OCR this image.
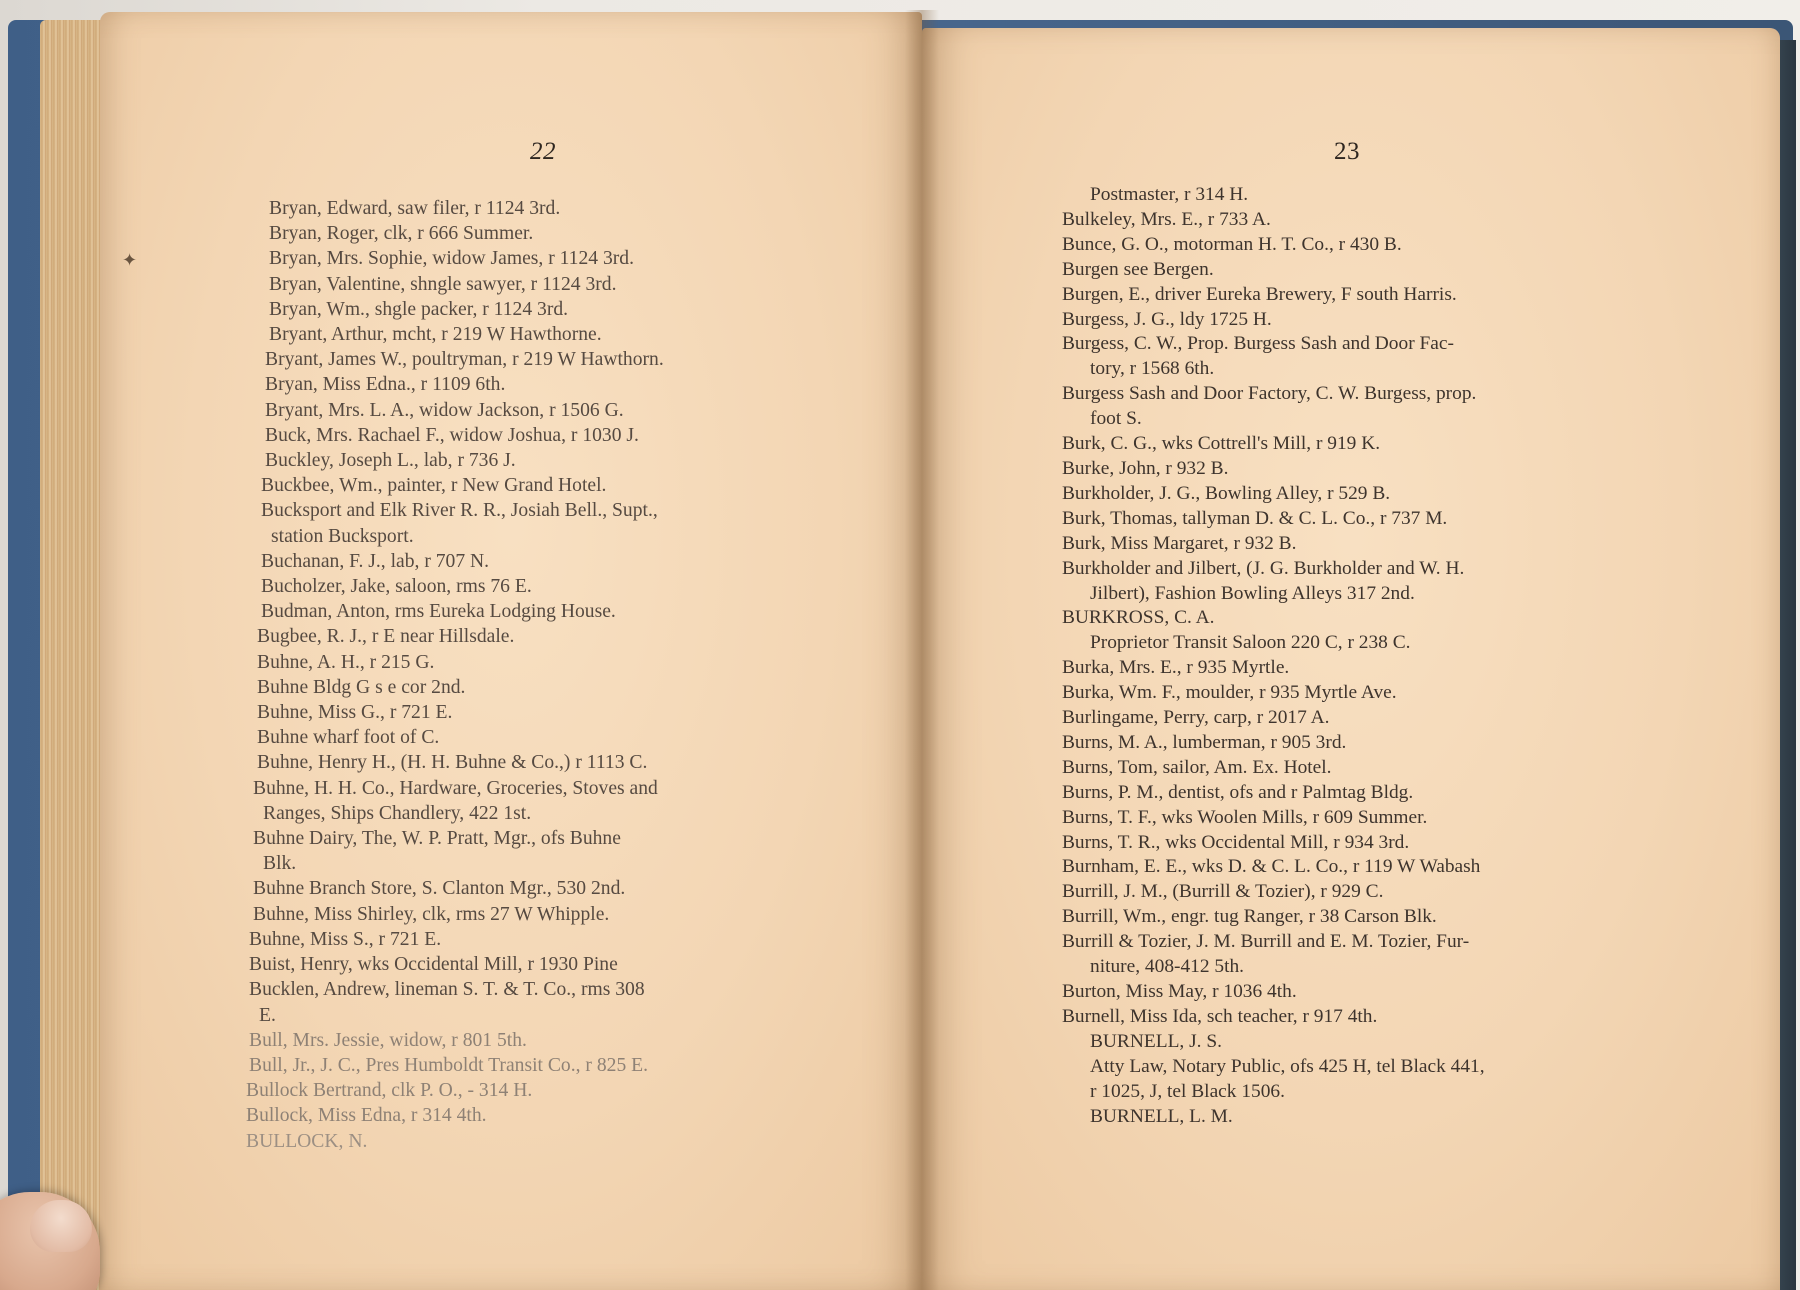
22
Bryan, Edward, saw filer, r 1124 3rd.
Bryan, Roger, clk, r 666 Summer.
Bryan, Mrs. Sophie, widow James, r 1124 3rd.
Bryan, Valentine, shngle sawyer, r 1124 3rd.
Bryan, Wm., shgle packer, r 1124 3rd.
Bryant, Arthur, mcht, r 219 W Hawthorne.
Bryant, James W., poultryman, r 219 W Hawthorn.
Bryan, Miss Edna., r 1109 6th.
Bryant, Mrs. L. A., widow Jackson, r 1506 G.
Buck, Mrs. Rachael F., widow Joshua, r 1030 J.
Buckley, Joseph L., lab, r 736 J.
Buckbee, Wm., painter, r New Grand Hotel.
Bucksport and Elk River R. R., Josiah Bell., Supt.,
station Bucksport.
Buchanan, F. J., lab, r 707 N.
Bucholzer, Jake, saloon, rms 76 E.
Budman, Anton, rms Eureka Lodging House.
Bugbee, R. J., r E near Hillsdale.
Buhne, A. H., r 215 G.
Buhne Bldg G s e cor 2nd.
Buhne, Miss G., r 721 E.
Buhne wharf foot of C.
Buhne, Henry H., (H. H. Buhne & Co.,) r 1113 C.
Buhne, H. H. Co., Hardware, Groceries, Stoves and
Ranges, Ships Chandlery, 422 1st.
Buhne Dairy, The, W. P. Pratt, Mgr., ofs Buhne
Blk.
Buhne Branch Store, S. Clanton Mgr., 530 2nd.
Buhne, Miss Shirley, clk, rms 27 W Whipple.
Buhne, Miss S., r 721 E.
Buist, Henry, wks Occidental Mill, r 1930 Pine
Bucklen, Andrew, lineman S. T. & T. Co., rms 308
E.
Bull, Mrs. Jessie, widow, r 801 5th.
Bull, Jr., J. C., Pres Humboldt Transit Co., r 825 E.
Bullock Bertrand, clk P. O., - 314 H.
Bullock, Miss Edna, r 314 4th.
BULLOCK, N.
23
Postmaster, r 314 H.
Bulkeley, Mrs. E., r 733 A.
Bunce, G. O., motorman H. T. Co., r 430 B.
Burgen see Bergen.
Burgen, E., driver Eureka Brewery, F south Harris.
Burgess, J. G., ldy 1725 H.
Burgess, C. W., Prop. Burgess Sash and Door Fac-
tory, r 1568 6th.
Burgess Sash and Door Factory, C. W. Burgess, prop.
foot S.
Burk, C. G., wks Cottrell's Mill, r 919 K.
Burke, John, r 932 B.
Burkholder, J. G., Bowling Alley, r 529 B.
Burk, Thomas, tallyman D. & C. L. Co., r 737 M.
Burk, Miss Margaret, r 932 B.
Burkholder and Jilbert, (J. G. Burkholder and W. H.
Jilbert), Fashion Bowling Alleys 317 2nd.
BURKROSS, C. A.
Proprietor Transit Saloon 220 C, r 238 C.
Burka, Mrs. E., r 935 Myrtle.
Burka, Wm. F., moulder, r 935 Myrtle Ave.
Burlingame, Perry, carp, r 2017 A.
Burns, M. A., lumberman, r 905 3rd.
Burns, Tom, sailor, Am. Ex. Hotel.
Burns, P. M., dentist, ofs and r Palmtag Bldg.
Burns, T. F., wks Woolen Mills, r 609 Summer.
Burns, T. R., wks Occidental Mill, r 934 3rd.
Burnham, E. E., wks D. & C. L. Co., r 119 W Wabash
Burrill, J. M., (Burrill & Tozier), r 929 C.
Burrill, Wm., engr. tug Ranger, r 38 Carson Blk.
Burrill & Tozier, J. M. Burrill and E. M. Tozier, Fur-
niture, 408-412 5th.
Burton, Miss May, r 1036 4th.
Burnell, Miss Ida, sch teacher, r 917 4th.
BURNELL, J. S.
Atty Law, Notary Public, ofs 425 H, tel Black 441,
r 1025, J, tel Black 1506.
BURNELL, L. M.
✦
